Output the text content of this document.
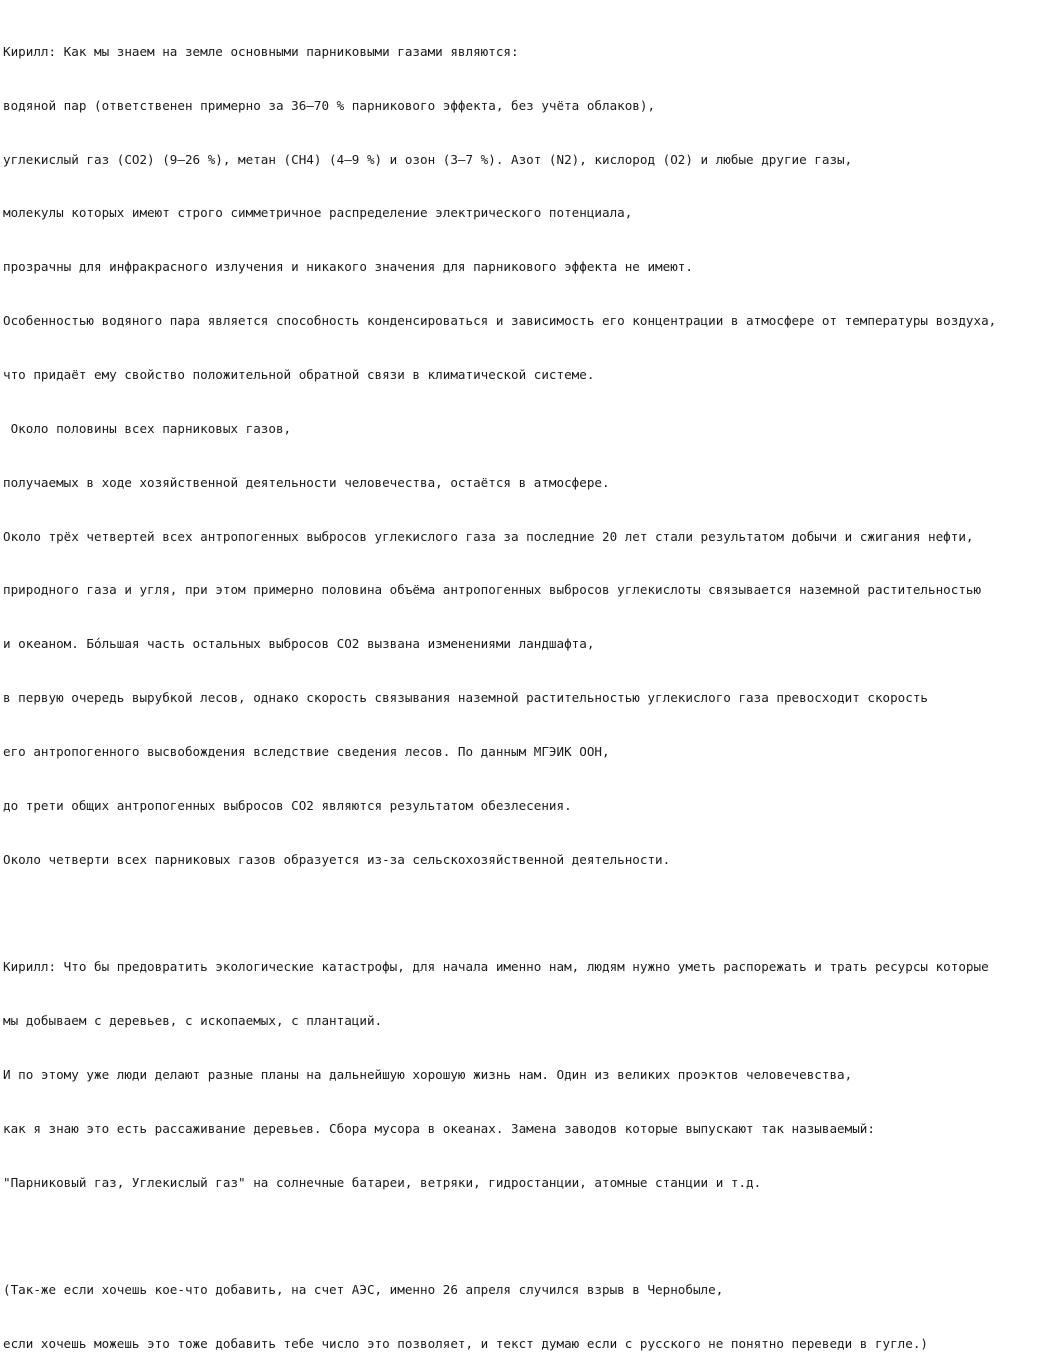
Кирилл: Как мы знаем на земле основными парниковыми газами являются:

водяной пар (ответственен примерно за 36—70 % парникового эффекта, без учёта облаков),

углекислый газ (CO2) (9—26 %), метан (CH4) (4—9 %) и озон (3—7 %). Азот (N2), кислород (O2) и любые другие газы,

молекулы которых имеют строго симметричное распределение электрического потенциала,

прозрачны для инфракрасного излучения и никакого значения для парникового эффекта не имеют.

Особенностью водяного пара является способность конденсироваться и зависимость его концентрации в атмосфере от температуры воздуха,

что придаёт ему свойство положительной обратной связи в климатической системе.

Около половины всех парниковых газов,

получаемых в ходе хозяйственной деятельности человечества, остаётся в атмосфере.

Около трёх четвертей всех антропогенных выбросов углекислого газа за последние 20 лет стали результатом добычи и сжигания нефти,

природного газа и угля, при этом примерно половина объёма антропогенных выбросов углекислоты связывается наземной растительностью

и океаном. Бóльшая часть остальных выбросов CO2 вызвана изменениями ландшафта,

в первую очередь вырубкой лесов, однако скорость связывания наземной растительностью углекислого газа превосходит скорость

его антропогенного высвобождения вследствие сведения лесов. По данным МГЭИК ООН,

до трети общих антропогенных выбросов CO2 являются результатом обезлесения.

Около четверти всех парниковых газов образуется из-за сельскохозяйственной деятельности.

Кирилл: Что бы предовратить экологические катастрофы, для начала именно нам, людям нужно уметь распорежать и трать ресурсы которые

мы добываем с деревьев, с ископаемых, с плантаций.

И по этому уже люди делают разные планы на дальнейшую хорошую жизнь нам. Один из великих проэктов человечевства,

как я знаю это есть рассаживание деревьев. Сбора мусора в океанах. Замена заводов которые выпускают так называемый:

"Парниковый газ, Углекислый газ" на солнечные батареи, ветряки, гидростанции, атомные станции и т.д.

(Так-же если хочешь кое-что добавить, на счет АЭС, именно 26 апреля случился взрыв в Чернобыле,

если хочешь можешь это тоже добавить тебе число это позволяет, и текст думаю если с русского не понятно переведи в гугле.)
